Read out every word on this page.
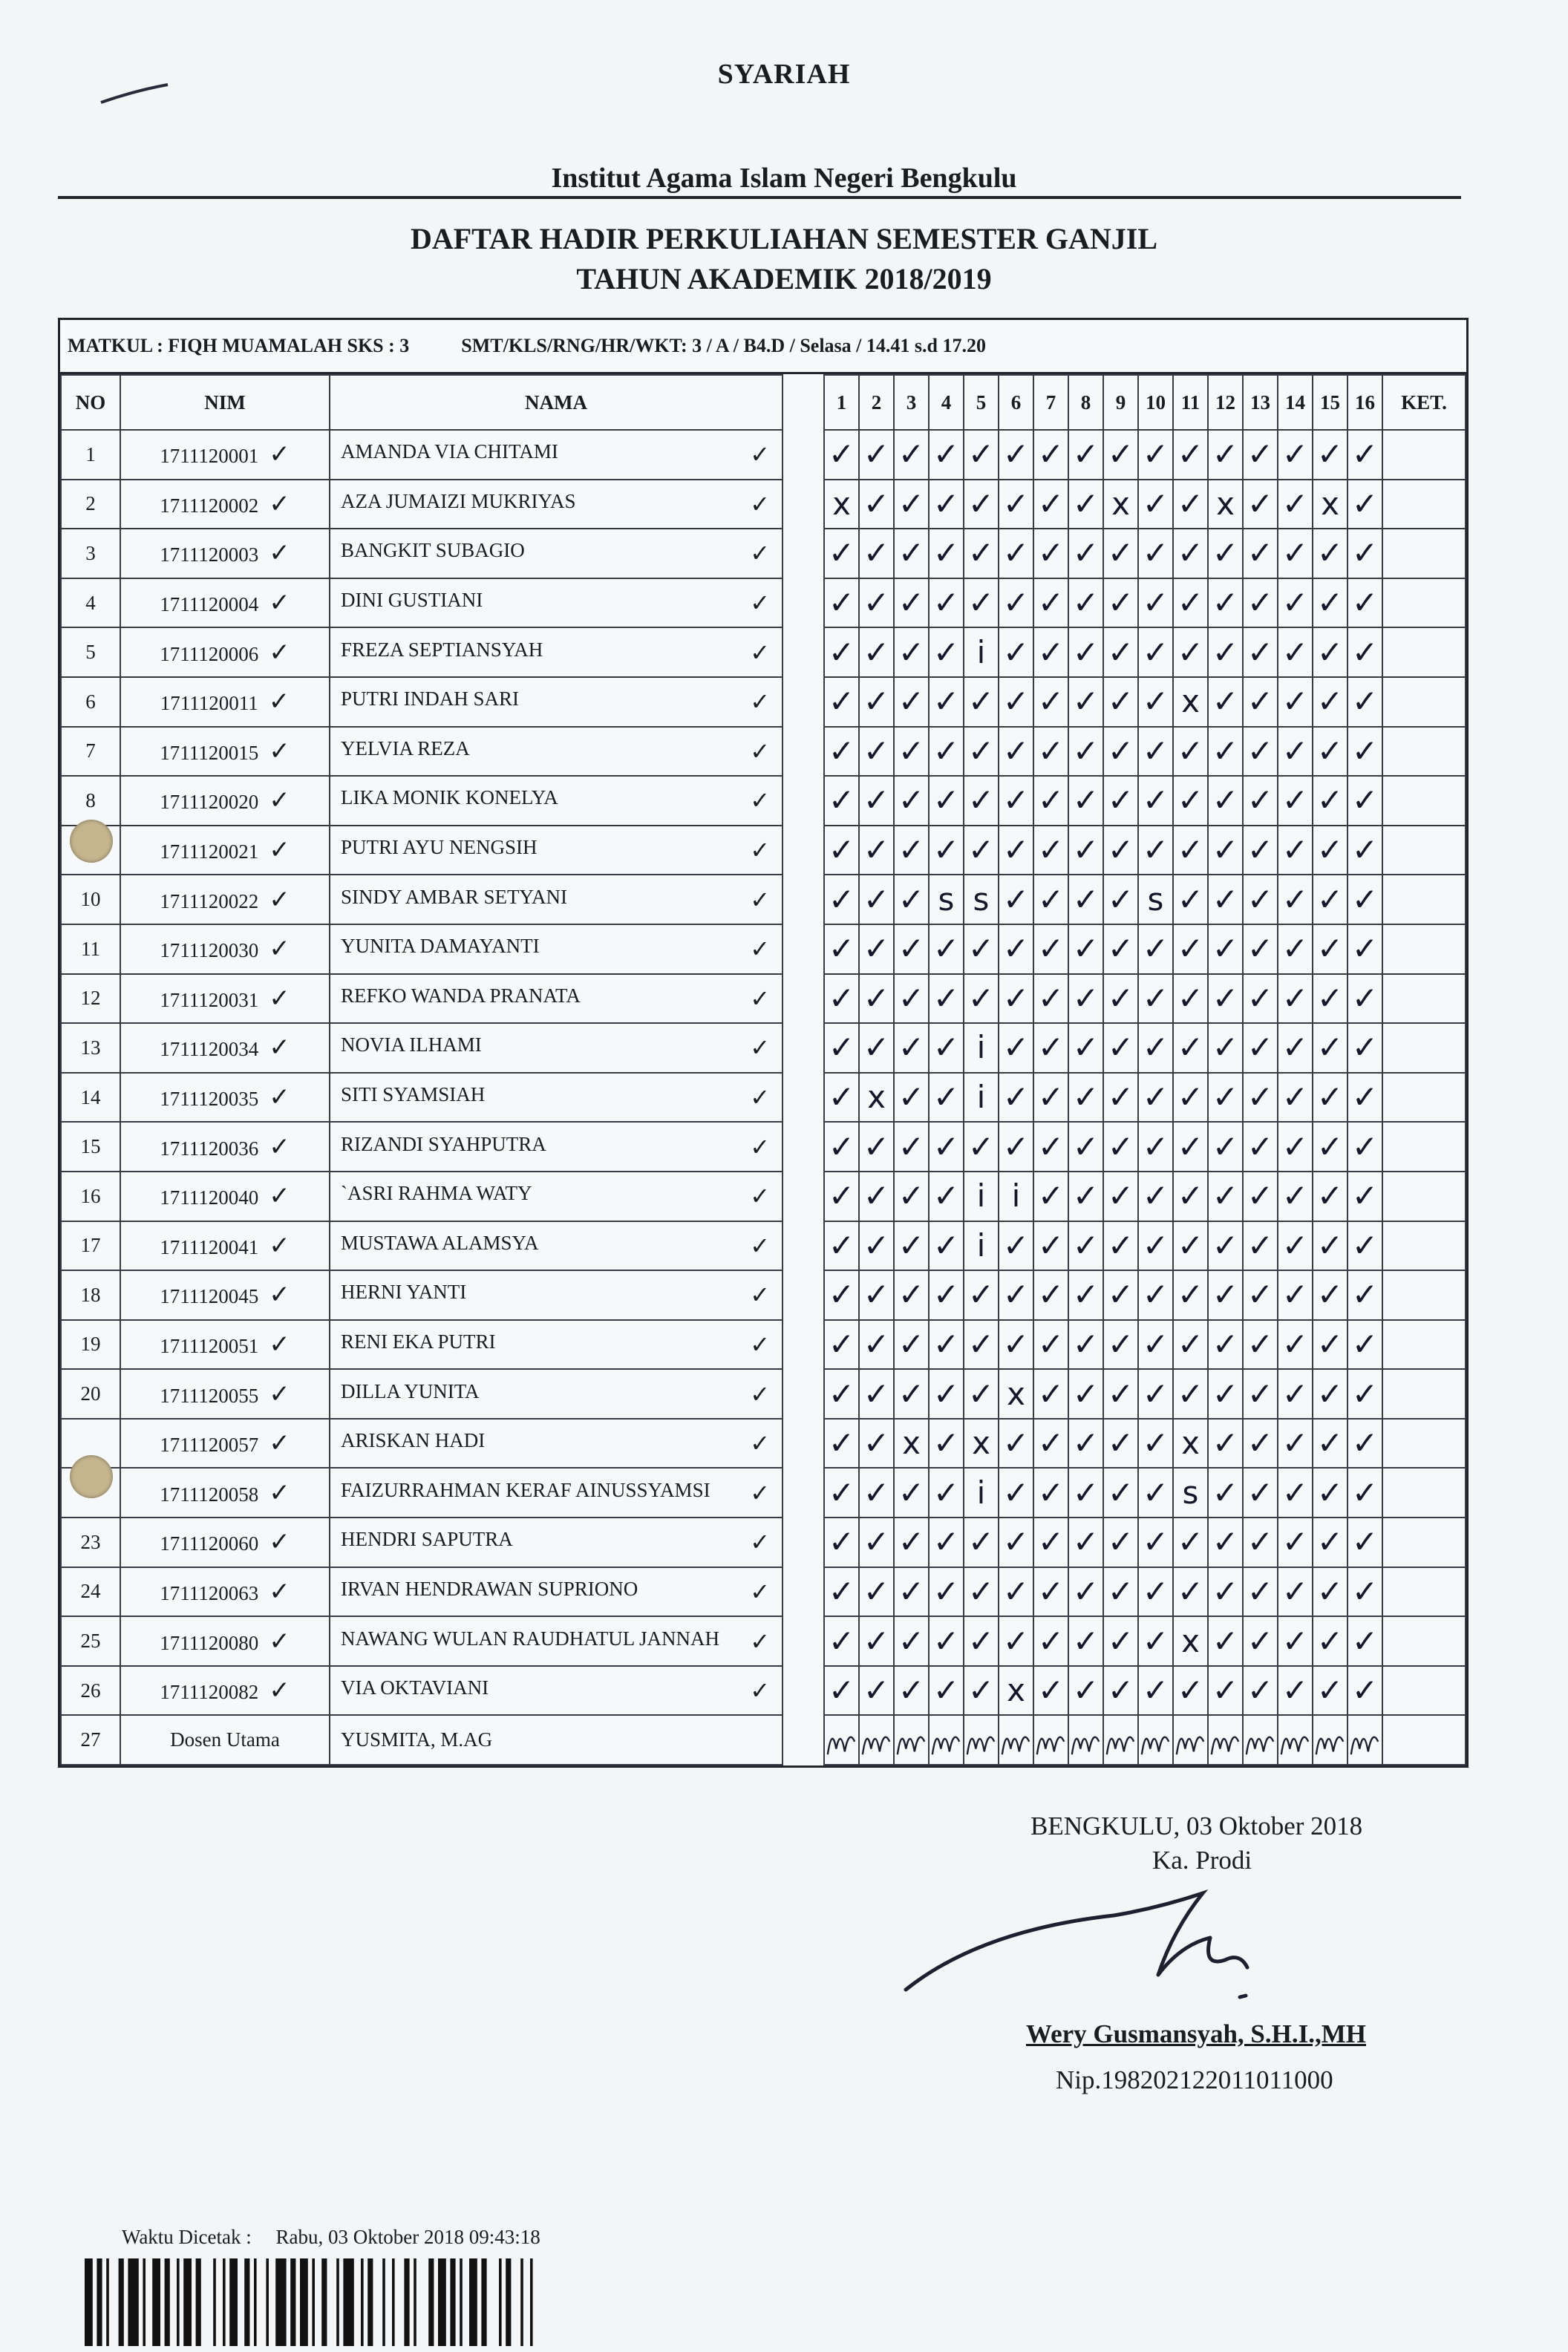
SYARIAH
Institut Agama Islam Negeri Bengkulu
DAFTAR HADIR PERKULIAHAN SEMESTER GANJIL
TAHUN AKADEMIK 2018/2019
MATKUL : FIQH MUAMALAH SKS : 3	SMT/KLS/RNG/HR/WKT: 3 / A / B4.D / Selasa / 14.41 s.d 17.20
NO	NIM	NAMA		1	2	3	4	5	6	7	8	9	10	11	12	13	14	15	16	KET.
1	1711120001 ✓	AMANDA VIA CHITAMI ✓		✓	✓	✓	✓	✓	✓	✓	✓	✓	✓	✓	✓	✓	✓	✓	✓	
2	1711120002 ✓	AZA JUMAIZI MUKRIYAS ✓		x	✓	✓	✓	✓	✓	✓	✓	x	✓	✓	x	✓	✓	x	✓	
3	1711120003 ✓	BANGKIT SUBAGIO ✓		✓	✓	✓	✓	✓	✓	✓	✓	✓	✓	✓	✓	✓	✓	✓	✓	
4	1711120004 ✓	DINI GUSTIANI ✓		✓	✓	✓	✓	✓	✓	✓	✓	✓	✓	✓	✓	✓	✓	✓	✓	
5	1711120006 ✓	FREZA SEPTIANSYAH ✓		✓	✓	✓	✓	i	✓	✓	✓	✓	✓	✓	✓	✓	✓	✓	✓	
6	1711120011 ✓	PUTRI INDAH SARI ✓		✓	✓	✓	✓	✓	✓	✓	✓	✓	✓	x	✓	✓	✓	✓	✓	
7	1711120015 ✓	YELVIA REZA ✓		✓	✓	✓	✓	✓	✓	✓	✓	✓	✓	✓	✓	✓	✓	✓	✓	
8	1711120020 ✓	LIKA MONIK KONELYA ✓		✓	✓	✓	✓	✓	✓	✓	✓	✓	✓	✓	✓	✓	✓	✓	✓	
	1711120021 ✓	PUTRI AYU NENGSIH ✓		✓	✓	✓	✓	✓	✓	✓	✓	✓	✓	✓	✓	✓	✓	✓	✓	
10	1711120022 ✓	SINDY AMBAR SETYANI ✓		✓	✓	✓	s	s	✓	✓	✓	✓	s	✓	✓	✓	✓	✓	✓	
11	1711120030 ✓	YUNITA DAMAYANTI ✓		✓	✓	✓	✓	✓	✓	✓	✓	✓	✓	✓	✓	✓	✓	✓	✓	
12	1711120031 ✓	REFKO WANDA PRANATA ✓		✓	✓	✓	✓	✓	✓	✓	✓	✓	✓	✓	✓	✓	✓	✓	✓	
13	1711120034 ✓	NOVIA ILHAMI ✓		✓	✓	✓	✓	i	✓	✓	✓	✓	✓	✓	✓	✓	✓	✓	✓	
14	1711120035 ✓	SITI SYAMSIAH ✓		✓	x	✓	✓	i	✓	✓	✓	✓	✓	✓	✓	✓	✓	✓	✓	
15	1711120036 ✓	RIZANDI SYAHPUTRA ✓		✓	✓	✓	✓	✓	✓	✓	✓	✓	✓	✓	✓	✓	✓	✓	✓	
16	1711120040 ✓	`ASRI RAHMA WATY ✓		✓	✓	✓	✓	i	i	✓	✓	✓	✓	✓	✓	✓	✓	✓	✓	
17	1711120041 ✓	MUSTAWA ALAMSYA ✓		✓	✓	✓	✓	i	✓	✓	✓	✓	✓	✓	✓	✓	✓	✓	✓	
18	1711120045 ✓	HERNI YANTI ✓		✓	✓	✓	✓	✓	✓	✓	✓	✓	✓	✓	✓	✓	✓	✓	✓	
19	1711120051 ✓	RENI EKA PUTRI ✓		✓	✓	✓	✓	✓	✓	✓	✓	✓	✓	✓	✓	✓	✓	✓	✓	
20	1711120055 ✓	DILLA YUNITA ✓		✓	✓	✓	✓	✓	x	✓	✓	✓	✓	✓	✓	✓	✓	✓	✓	
	1711120057 ✓	ARISKAN HADI ✓		✓	✓	x	✓	x	✓	✓	✓	✓	✓	x	✓	✓	✓	✓	✓	
	1711120058 ✓	FAIZURRAHMAN KERAF AINUSSYAMSI ✓		✓	✓	✓	✓	i	✓	✓	✓	✓	✓	s	✓	✓	✓	✓	✓	
23	1711120060 ✓	HENDRI SAPUTRA ✓		✓	✓	✓	✓	✓	✓	✓	✓	✓	✓	✓	✓	✓	✓	✓	✓	
24	1711120063 ✓	IRVAN HENDRAWAN SUPRIONO ✓		✓	✓	✓	✓	✓	✓	✓	✓	✓	✓	✓	✓	✓	✓	✓	✓	
25	1711120080 ✓	NAWANG WULAN RAUDHATUL JANNAH ✓		✓	✓	✓	✓	✓	✓	✓	✓	✓	✓	x	✓	✓	✓	✓	✓	
26	1711120082 ✓	VIA OKTAVIANI ✓		✓	✓	✓	✓	✓	x	✓	✓	✓	✓	✓	✓	✓	✓	✓	✓	
27	Dosen Utama	YUSMITA, M.AG		

BENGKULU, 03 Oktober 2018
Ka. Prodi
Wery Gusmansyah, S.H.I.,MH
Nip.198202122011011000
Waktu Dicetak : Rabu, 03 Oktober 2018 09:43:18
